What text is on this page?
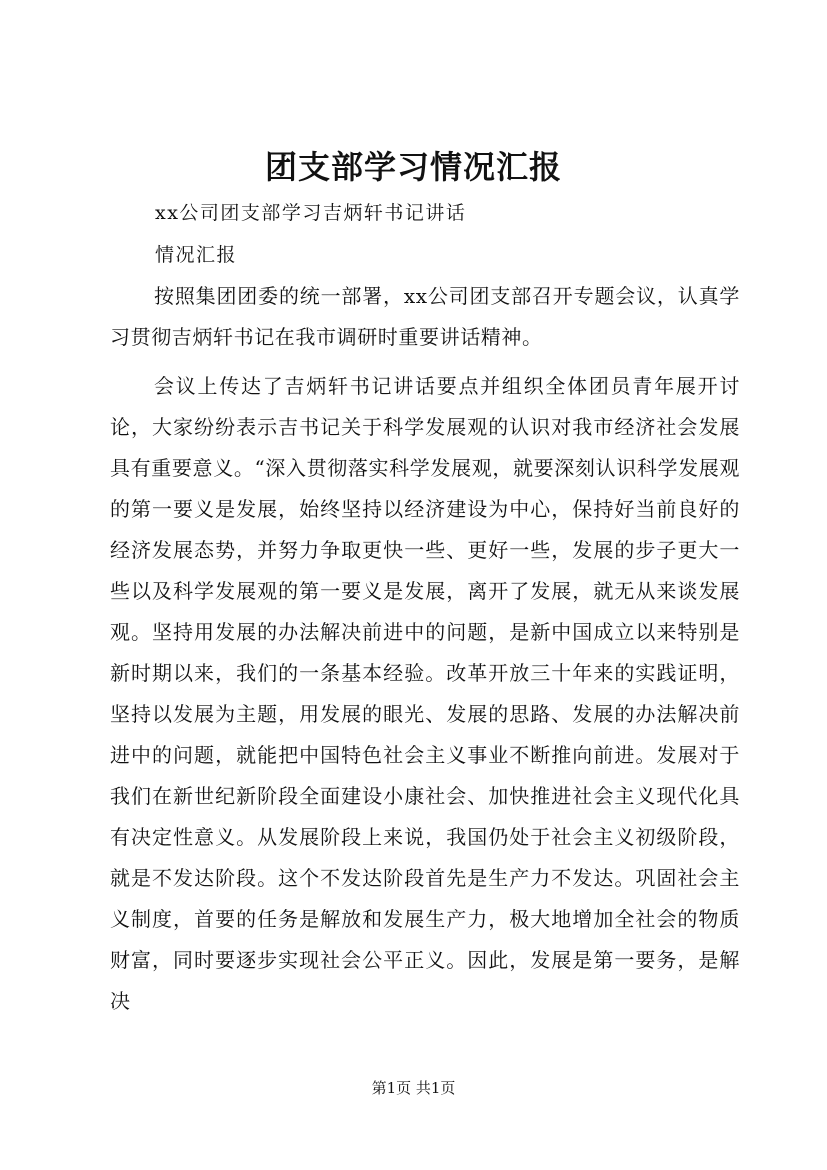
团支部学习情况汇报
xx公司团支部学习吉炳轩书记讲话
情况汇报

按照集团团委的统一部署，xx公司团支部召开专题会议，认真学习贯彻吉炳轩书记在我市调研时重要讲话精神。

会议上传达了吉炳轩书记讲话要点并组织全体团员青年展开讨论，大家纷纷表示吉书记关于科学发展观的认识对我市经济社会发展具有重要意义。“深入贯彻落实科学发展观，就要深刻认识科学发展观的第一要义是发展，始终坚持以经济建设为中心，保持好当前良好的经济发展态势，并努力争取更快一些、更好一些，发展的步子更大一些以及科学发展观的第一要义是发展，离开了发展，就无从来谈发展观。坚持用发展的办法解决前进中的问题，是新中国成立以来特别是新时期以来，我们的一条基本经验。改革开放三十年来的实践证明，坚持以发展为主题，用发展的眼光、发展的思路、发展的办法解决前进中的问题，就能把中国特色社会主义事业不断推向前进。发展对于我们在新世纪新阶段全面建设小康社会、加快推进社会主义现代化具有决定性意义。从发展阶段上来说，我国仍处于社会主义初级阶段，就是不发达阶段。这个不发达阶段首先是生产力不发达。巩固社会主义制度，首要的任务是解放和发展生产力，极大地增加全社会的物质财富，同时要逐步实现社会公平正义。因此，发展是第一要务，是解决

第1页 共1页
